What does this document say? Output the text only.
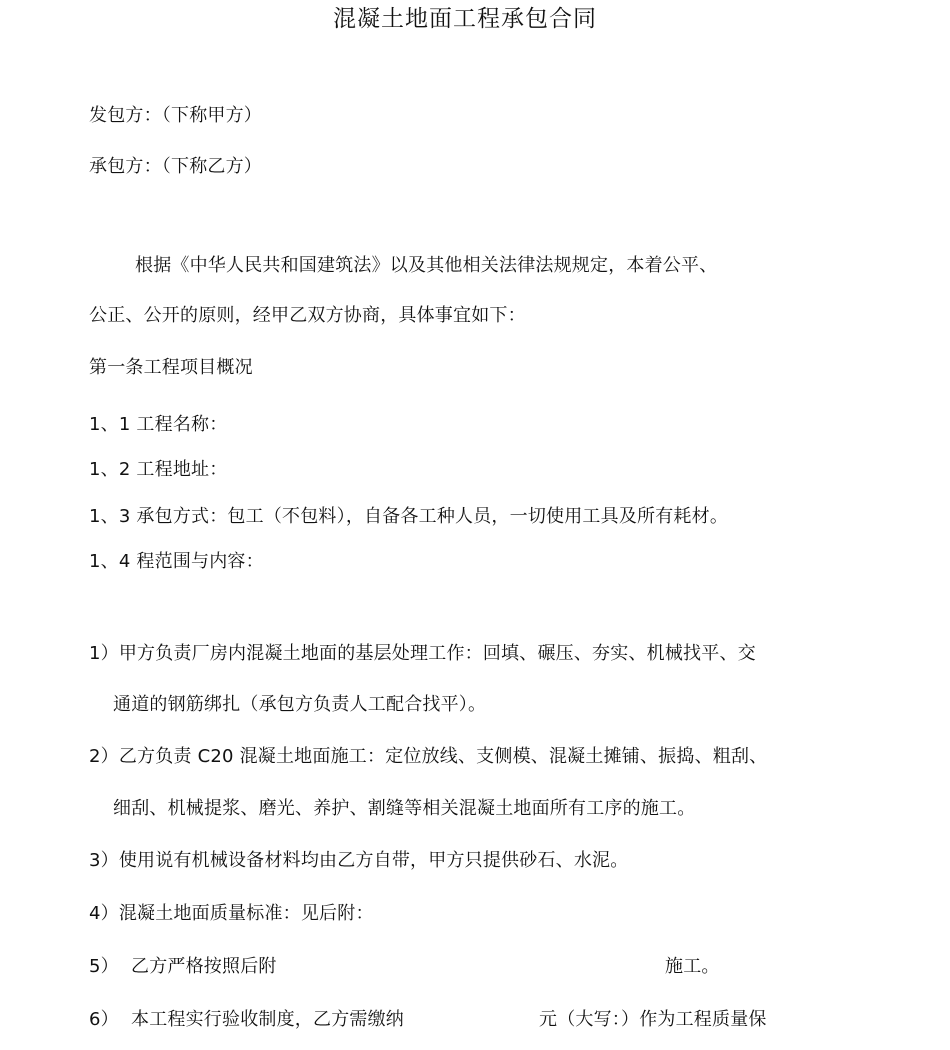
混凝土地面工程承包合同
发包方：（下称甲方）
承包方：（下称乙方）
根据《中华人民共和国建筑法》以及其他相关法律法规规定，本着公平、
公正、公开的原则，经甲乙双方协商，具体事宜如下：
第一条工程项目概况
1、1 工程名称：
1、2 工程地址：
1、3 承包方式：包工（不包料），自备各工种人员，一切使用工具及所有耗材。
1、4 程范围与内容：
1）甲方负责厂房内混凝土地面的基层处理工作：回填、碾压、夯实、机械找平、交
通道的钢筋绑扎（承包方负责人工配合找平）。
2）乙方负责 C20 混凝土地面施工：定位放线、支侧模、混凝土摊铺、振捣、粗刮、
细刮、机械提浆、磨光、养护、割缝等相关混凝土地面所有工序的施工。
3）使用说有机械设备材料均由乙方自带，甲方只提供砂石、水泥。
4）混凝土地面质量标准：见后附：
5） 乙方严格按照后附	施工。
6） 本工程实行验收制度，乙方需缴纳	元（大写：）作为工程质量保
